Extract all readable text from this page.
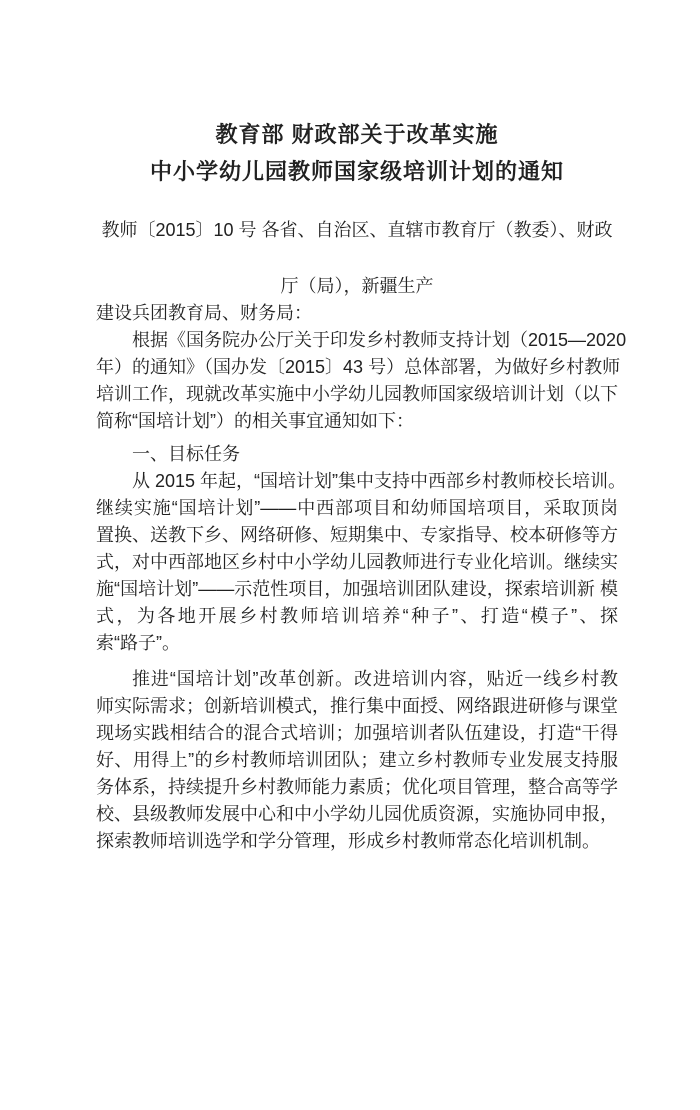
教育部 财政部关于改革实施
中小学幼儿园教师国家级培训计划的通知
教师〔2015〕10 号 各省、自治区、直辖市教育厅（教委）、财政
厅（局），新疆生产
建设兵团教育局、财务局：
根据《国务院办公厅关于印发乡村教师支持计划（2015—2020
年）的通知》（国办发〔2015〕43 号）总体部署，为做好乡村教师
培训工作，现就改革实施中小学幼儿园教师国家级培训计划（以下
简称“国培计划”）的相关事宜通知如下：
一、目标任务
从 2015 年起，“国培计划”集中支持中西部乡村教师校长培训。
继续实施“国培计划”——中西部项目和幼师国培项目，采取顶岗
置换、送教下乡、网络研修、短期集中、专家指导、校本研修等方
式，对中西部地区乡村中小学幼儿园教师进行专业化培训。继续实
施“国培计划”——示范性项目，加强培训团队建设，探索培训新 模
式，为各地开展乡村教师培训培养“种子”、打造“模子”、探
索“路子”。
推进“国培计划”改革创新。改进培训内容，贴近一线乡村教
师实际需求；创新培训模式，推行集中面授、网络跟进研修与课堂
现场实践相结合的混合式培训；加强培训者队伍建设，打造“干得
好、用得上”的乡村教师培训团队；建立乡村教师专业发展支持服
务体系，持续提升乡村教师能力素质；优化项目管理，整合高等学
校、县级教师发展中心和中小学幼儿园优质资源，实施协同申报，
探索教师培训选学和学分管理，形成乡村教师常态化培训机制。
